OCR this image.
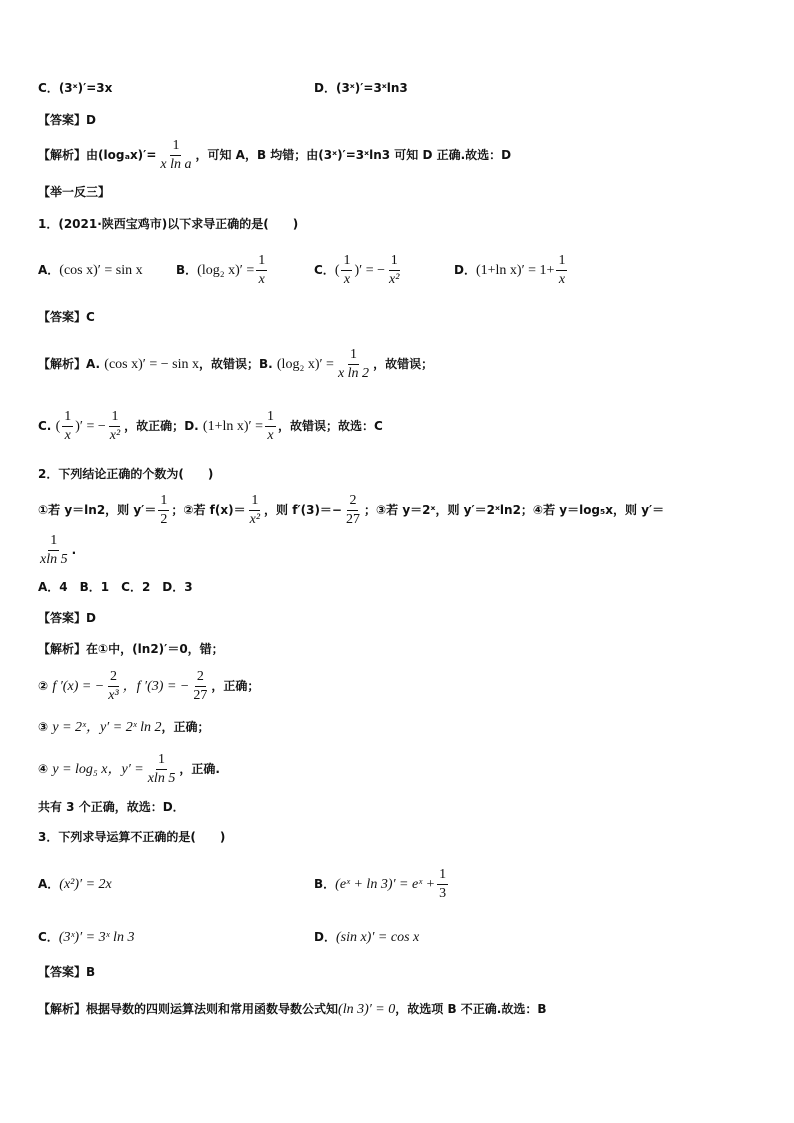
C．(3ˣ)′=3x	D．(3ˣ)′=3ˣln3
【答案】D
【解析】由$(\log_ax)'= \frac{1}{\text{x ln a}}$ ，可知 A，B 均错；由(3ˣ)′=3ˣln3 可知 D 正确.故选：D
【举一反三】
1．(2021·陕西宝鸡市)以下求导正确的是(　　)
A．(cos x)′ = sin x	B．(log₂ $x)' = \frac{1}{x}$	C．( $\frac{1}{x}$ )′ = − $\frac{1}{\text{x²}}$	D．(1+ln $x)' = 1+ \frac{1}{x}$
【答案】C
【解析】A. (cos x)′ = − sin x，故错误；B. (log₂ $x)' = \frac{1}{\text{x ln 2}}$ ，故错误；
C. ( $\frac{1}{x}$ )′ = − $\frac{1}{\text{x²}}$ ，故正确；D. (1+ln $x)' = \frac{1}{x}$ ，故错误；故选：C
2．下列结论正确的个数为(　　)
①若 y＝ln2，则 $y'= \frac{1}{2}$ ；②若 $f(x)= \frac{1}{\text{x²}}$ ，则 $f'(3)=- \frac{2}{27}$ ；③若 y＝2ˣ，则 y′＝2ˣln2；④若 y＝log₅x，则 y′＝
$\frac{1}{xln 5}$ .
A．4　B．1　C．2　D．3
【答案】D
【解析】在①中，(ln2)′＝0，错；
② f ′(x) = − $\frac{2}{\text{x³}}$ ，f ′(3) = − $\frac{2}{27}$ ，正确；
③ y = 2ˣ，y′ = 2ˣ ln 2，正确；
④ y = log₅ x，$y' = \frac{1}{xln 5}$ ，正确.
共有 3 个正确，故选：D．
3．下列求导运算不正确的是(　　)
A．(x²)′ = 2x	B．(eˣ + ln 3)′ = eˣ + $\frac{1}{3}$
C．(3ˣ)′ = 3ˣ ln 3	D．(sin x)′ = cos x
【答案】B
【解析】根据导数的四则运算法则和常用函数导数公式知(ln 3)′ = 0，故选项 B 不正确.故选：B
